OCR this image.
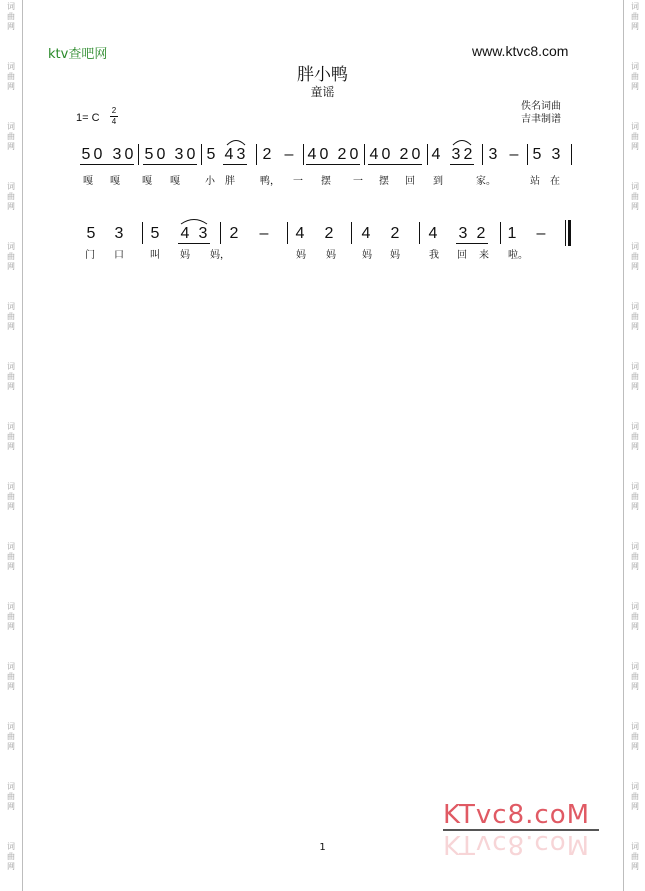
词
曲
网
词
曲
网
词
曲
网
词
曲
网
词
曲
网
词
曲
网
词
曲
网
词
曲
网
词
曲
网
词
曲
网
词
曲
网
词
曲
网
词
曲
网
词
曲
网
词
曲
网
词
曲
网
词
曲
网
词
曲
网
词
曲
网
词
曲
网
词
曲
网
词
曲
网
词
曲
网
词
曲
网
词
曲
网
词
曲
网
词
曲
网
词
曲
网
词
曲
网
词
曲
网
ktv查吧网	www.ktvc8.com
胖小鸭
童谣
佚名词曲
吉聿制谱
1= C
2
4
5 0 3 0 5 0 3 0 5 4 3 2 – 4 0 2 0 4 0 2 0 4 3 2 3 – 5 3
嘎 嘎 嘎 嘎	小 胖	鸭， 一 摆 一 摆 回 到	家。	站 在
5 3 5 4 3 2 – 4 2 4 2 4 3 2 1 –
门 口	叫 妈 妈，	妈 妈	妈 妈	我 回 来 啦。
1
KTvc8.coM
KTvc8.coM
